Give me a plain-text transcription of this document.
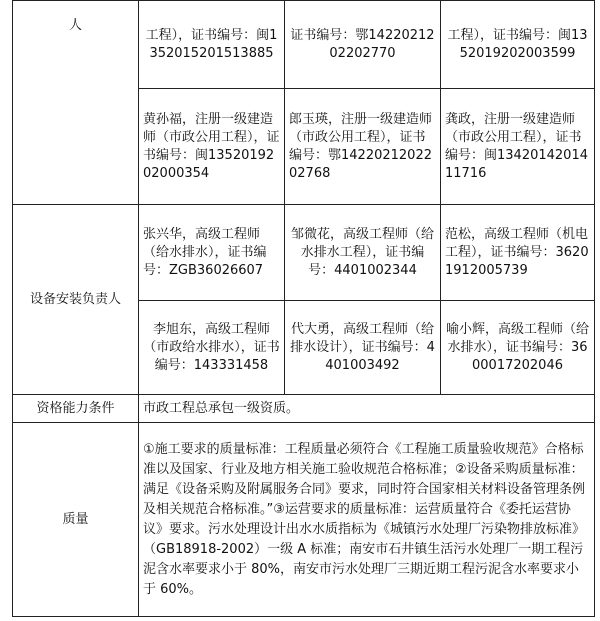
人	工程），证书编号：闽1352015201513885	证书编号：鄂1422021202202770	工程），证书编号：闽1352019202003599
	黄孙福，注册一级建造师（市政公用工程），证书编号：闽1352019202000354	郎玉瑛，注册一级建造师（市政公用工程），证书编号：鄂1422021202202768	龚政，注册一级建造师（市政公用工程），证书编号：闽1342014201411716
设备安装负责人	张兴华，高级工程师（给水排水），证书编号：ZGB36026607	邹微花，高级工程师（给水排水工程），证书编号：4401002344	范松，高级工程师（机电工程），证书编号：36201912005739
	李旭东，高级工程师（市政给水排水），证书编号：143331458	代大勇，高级工程师（给排水设计），证书编号：4401003492	喻小辉，高级工程师（给水排水），证书编号：3600017202046
资格能力条件	市政工程总承包一级资质。		
质量	①施工要求的质量标准：工程质量必须符合《工程施工质量验收规范》合格标准以及国家、行业及地方相关施工验收规范合格标准；②设备采购质量标准：满足《设备采购及附属服务合同》要求，同时符合国家相关材料设备管理条例及相关规范合格标准。”③运营要求的质量标准：运营质量符合《委托运营协议》要求。污水处理设计出水水质指标为《城镇污水处理厂污染物排放标准》（GB18918-2002）一级 A 标准；南安市石井镇生活污水处理厂一期工程污泥含水率要求小于 80%，南安市污水处理厂三期近期工程污泥含水率要求小于 60%。		
